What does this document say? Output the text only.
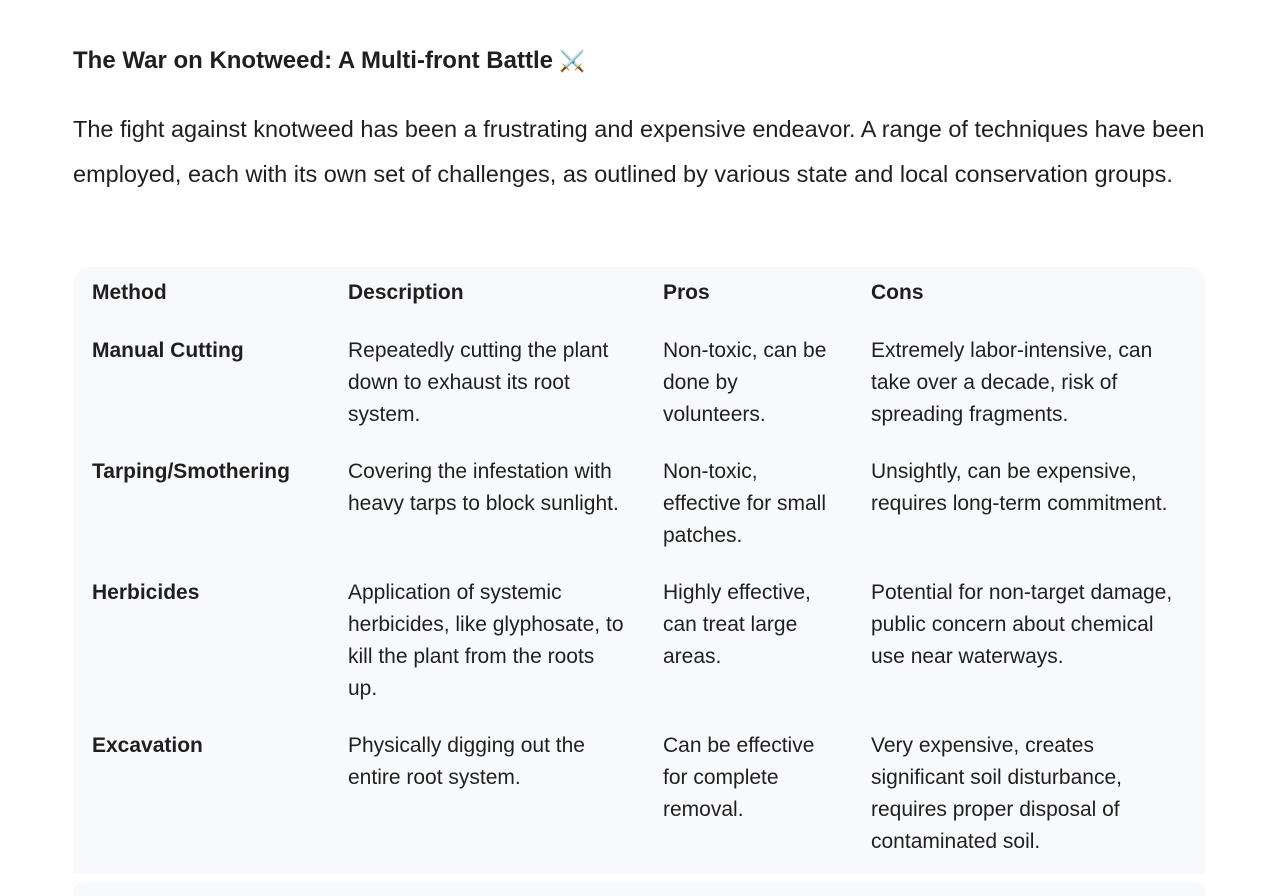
The War on Knotweed: A Multi-front Battle ⚔️

The fight against knotweed has been a frustrating and expensive endeavor. A range of techniques have been employed, each with its own set of challenges, as outlined by various state and local conservation groups.

Method	Description	Pros	Cons
Manual Cutting	Repeatedly cutting the plant down to exhaust its root system.	Non-toxic, can be done by volunteers.	Extremely labor-intensive, can take over a decade, risk of spreading fragments.
Tarping/Smothering	Covering the infestation with heavy tarps to block sunlight.	Non-toxic, effective for small patches.	Unsightly, can be expensive, requires long-term commitment.
Herbicides	Application of systemic herbicides, like glyphosate, to kill the plant from the roots up.	Highly effective, can treat large areas.	Potential for non-target damage, public concern about chemical use near waterways.
Excavation	Physically digging out the entire root system.	Can be effective for complete removal.	Very expensive, creates significant soil disturbance, requires proper disposal of contaminated soil.
